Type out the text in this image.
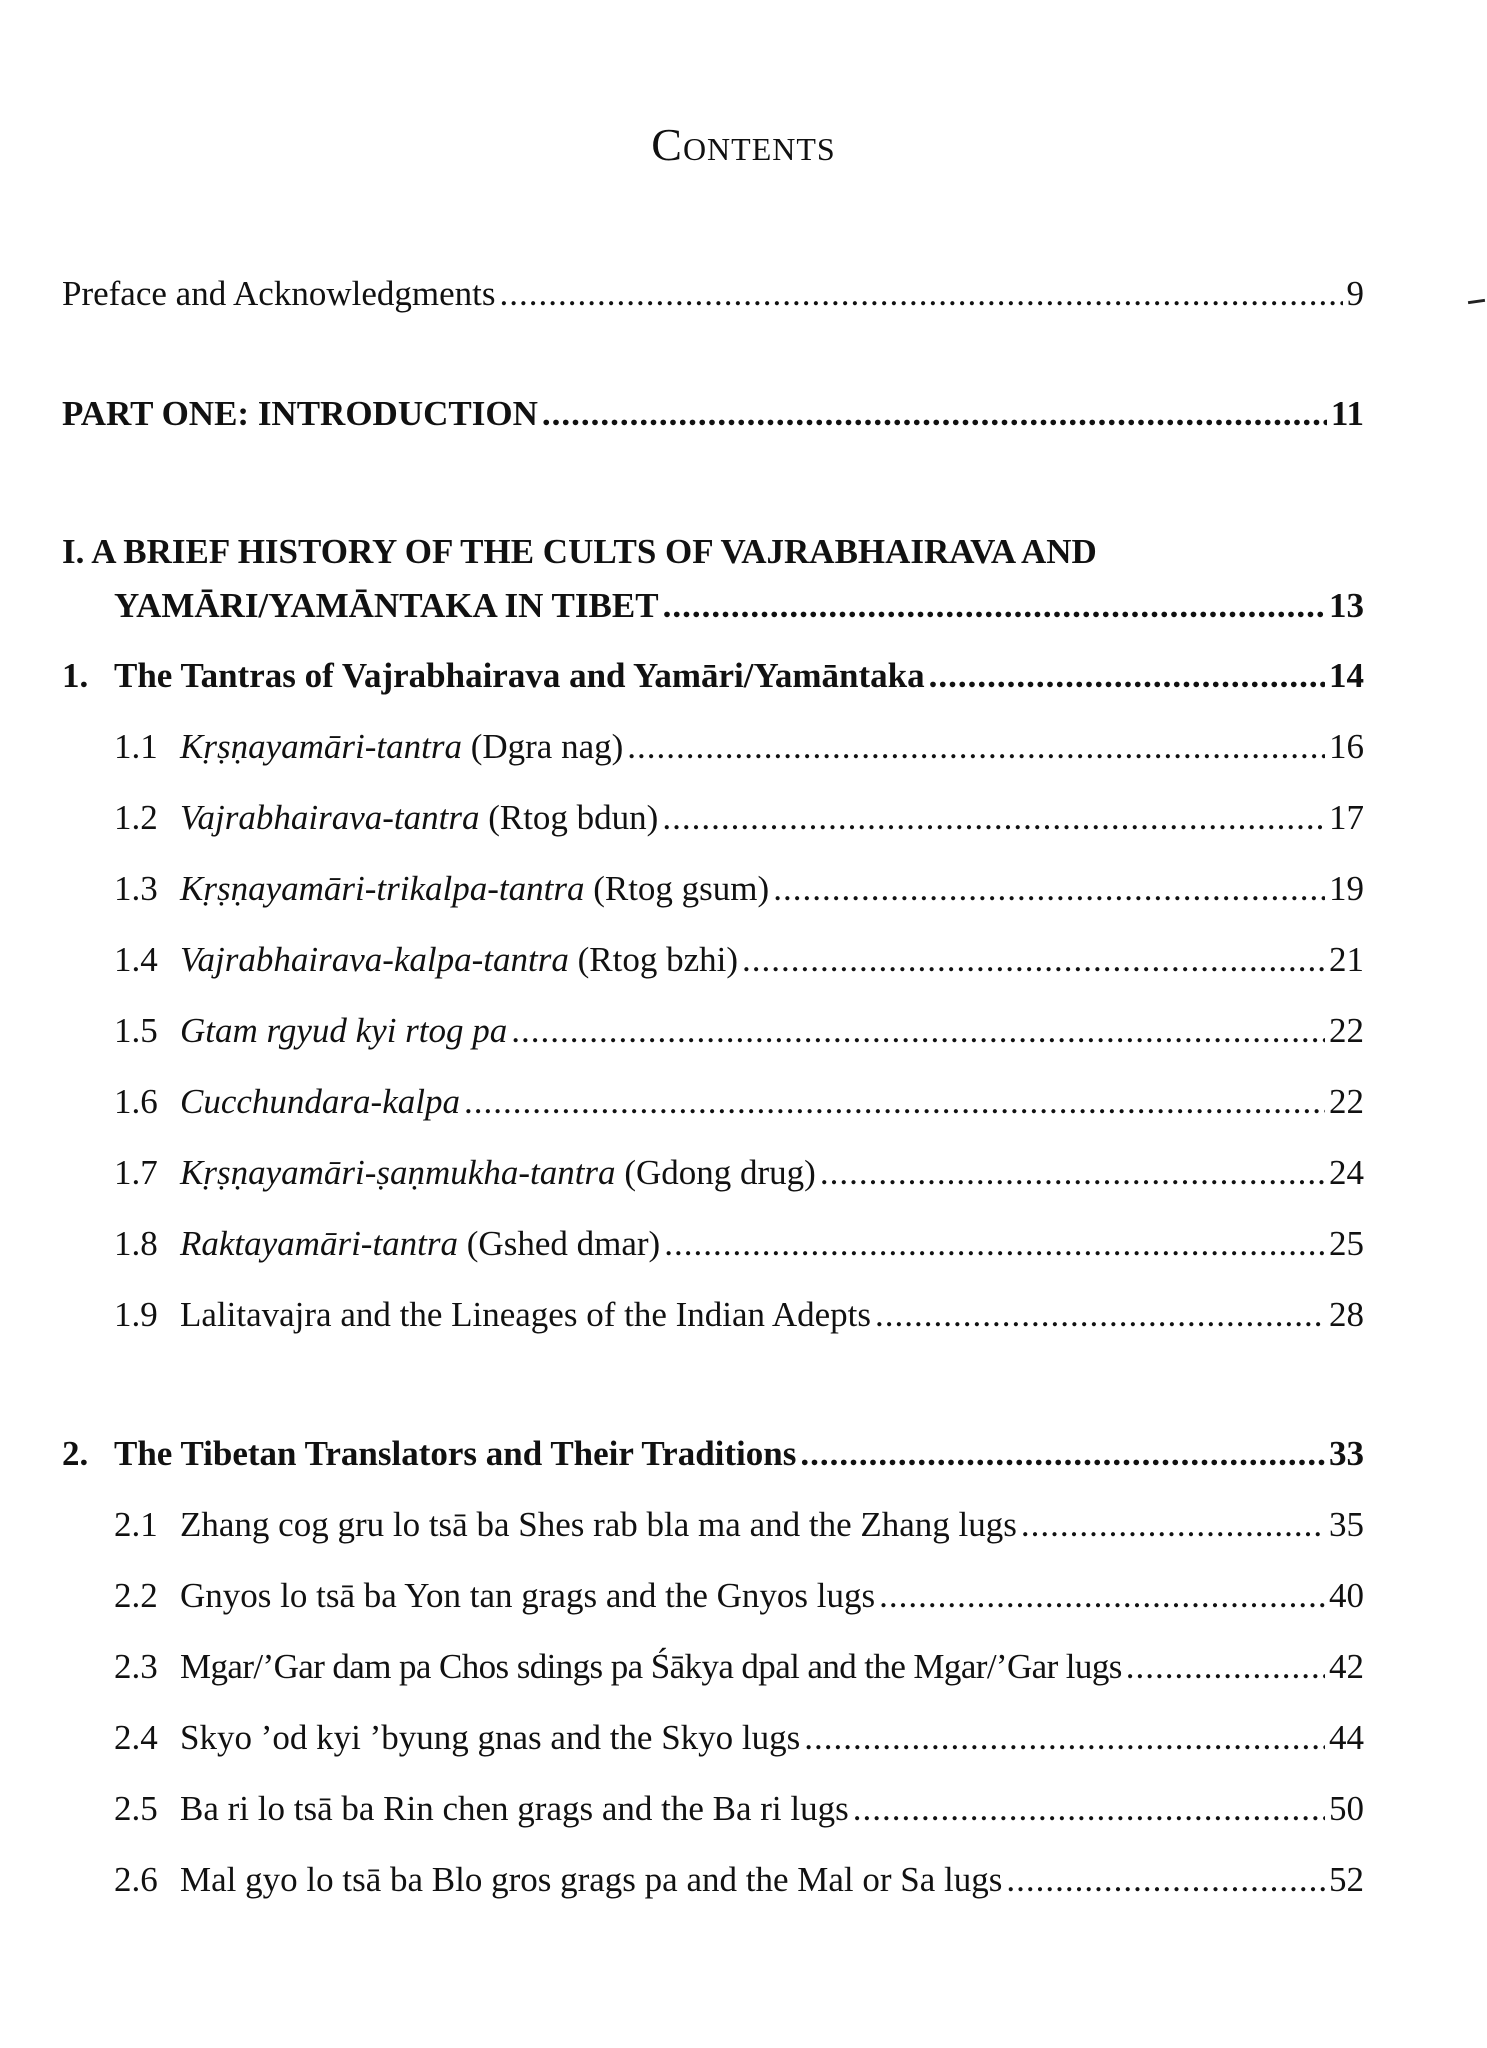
Contents
Preface and Acknowledgments .....	9
PART ONE: INTRODUCTION .....	11
I. A BRIEF HISTORY OF THE CULTS OF VAJRABHAIRAVA AND
YAMĀRI/YAMĀNTAKA IN TIBET .....	13
1. The Tantras of Vajrabhairava and Yamāri/Yamāntaka .....	14
1.1 Kṛṣṇayamāri-tantra (Dgra nag) .....	16
1.2 Vajrabhairava-tantra (Rtog bdun) .....	17
1.3 Kṛṣṇayamāri-trikalpa-tantra (Rtog gsum) .....	19
1.4 Vajrabhairava-kalpa-tantra (Rtog bzhi) .....	21
1.5 Gtam rgyud kyi rtog pa .....	22
1.6 Cucchundara-kalpa .....	22
1.7 Kṛṣṇayamāri-ṣaṇmukha-tantra (Gdong drug) .....	24
1.8 Raktayamāri-tantra (Gshed dmar) .....	25
1.9 Lalitavajra and the Lineages of the Indian Adepts .....	28
2. The Tibetan Translators and Their Traditions .....	33
2.1 Zhang cog gru lo tsā ba Shes rab bla ma and the Zhang lugs .....	35
2.2 Gnyos lo tsā ba Yon tan grags and the Gnyos lugs .....	40
2.3 Mgar/’Gar dam pa Chos sdings pa Śākya dpal and the Mgar/’Gar lugs .....	42
2.4 Skyo ’od kyi ’byung gnas and the Skyo lugs .....	44
2.5 Ba ri lo tsā ba Rin chen grags and the Ba ri lugs .....	50
2.6 Mal gyo lo tsā ba Blo gros grags pa and the Mal or Sa lugs .....	52
